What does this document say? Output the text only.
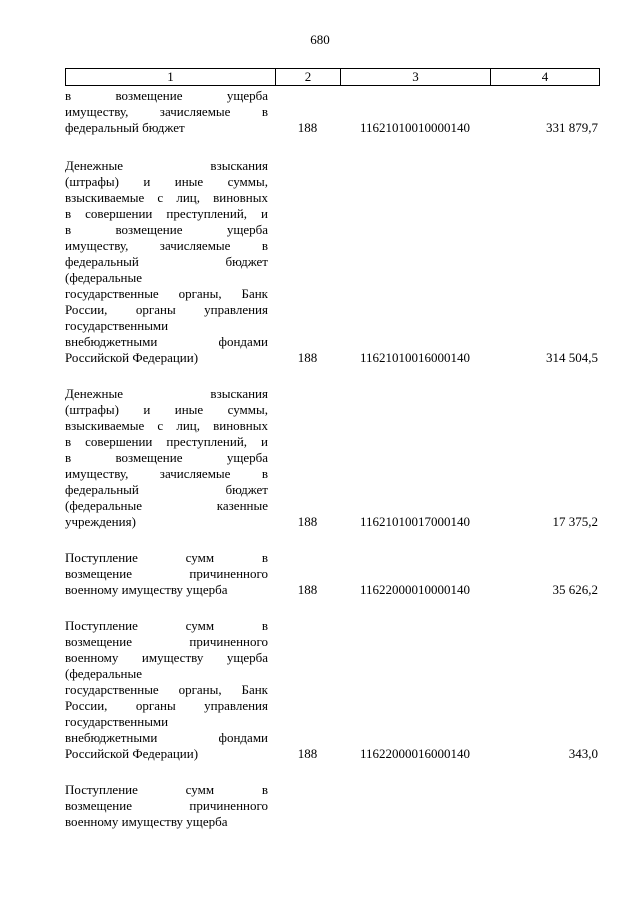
680
1	2	3	4
в возмещение ущерба
имуществу, зачисляемые в
федеральный бюджет	188	11621010010000140	331 879,7
Денежные взыскания
(штрафы) и иные суммы,
взыскиваемые с лиц, виновных
в совершении преступлений, и
в возмещение ущерба
имуществу, зачисляемые в
федеральный бюджет
(федеральные
государственные органы, Банк
России, органы управления
государственными
внебюджетными фондами
Российской Федерации)	188	11621010016000140	314 504,5
Денежные взыскания
(штрафы) и иные суммы,
взыскиваемые с лиц, виновных
в совершении преступлений, и
в возмещение ущерба
имуществу, зачисляемые в
федеральный бюджет
(федеральные казенные
учреждения)	188	11621010017000140	17 375,2
Поступление сумм в
возмещение причиненного
военному имуществу ущерба	188	11622000010000140	35 626,2
Поступление сумм в
возмещение причиненного
военному имуществу ущерба
(федеральные
государственные органы, Банк
России, органы управления
государственными
внебюджетными фондами
Российской Федерации)	188	11622000016000140	343,0
Поступление сумм в
возмещение причиненного
военному имуществу ущерба
